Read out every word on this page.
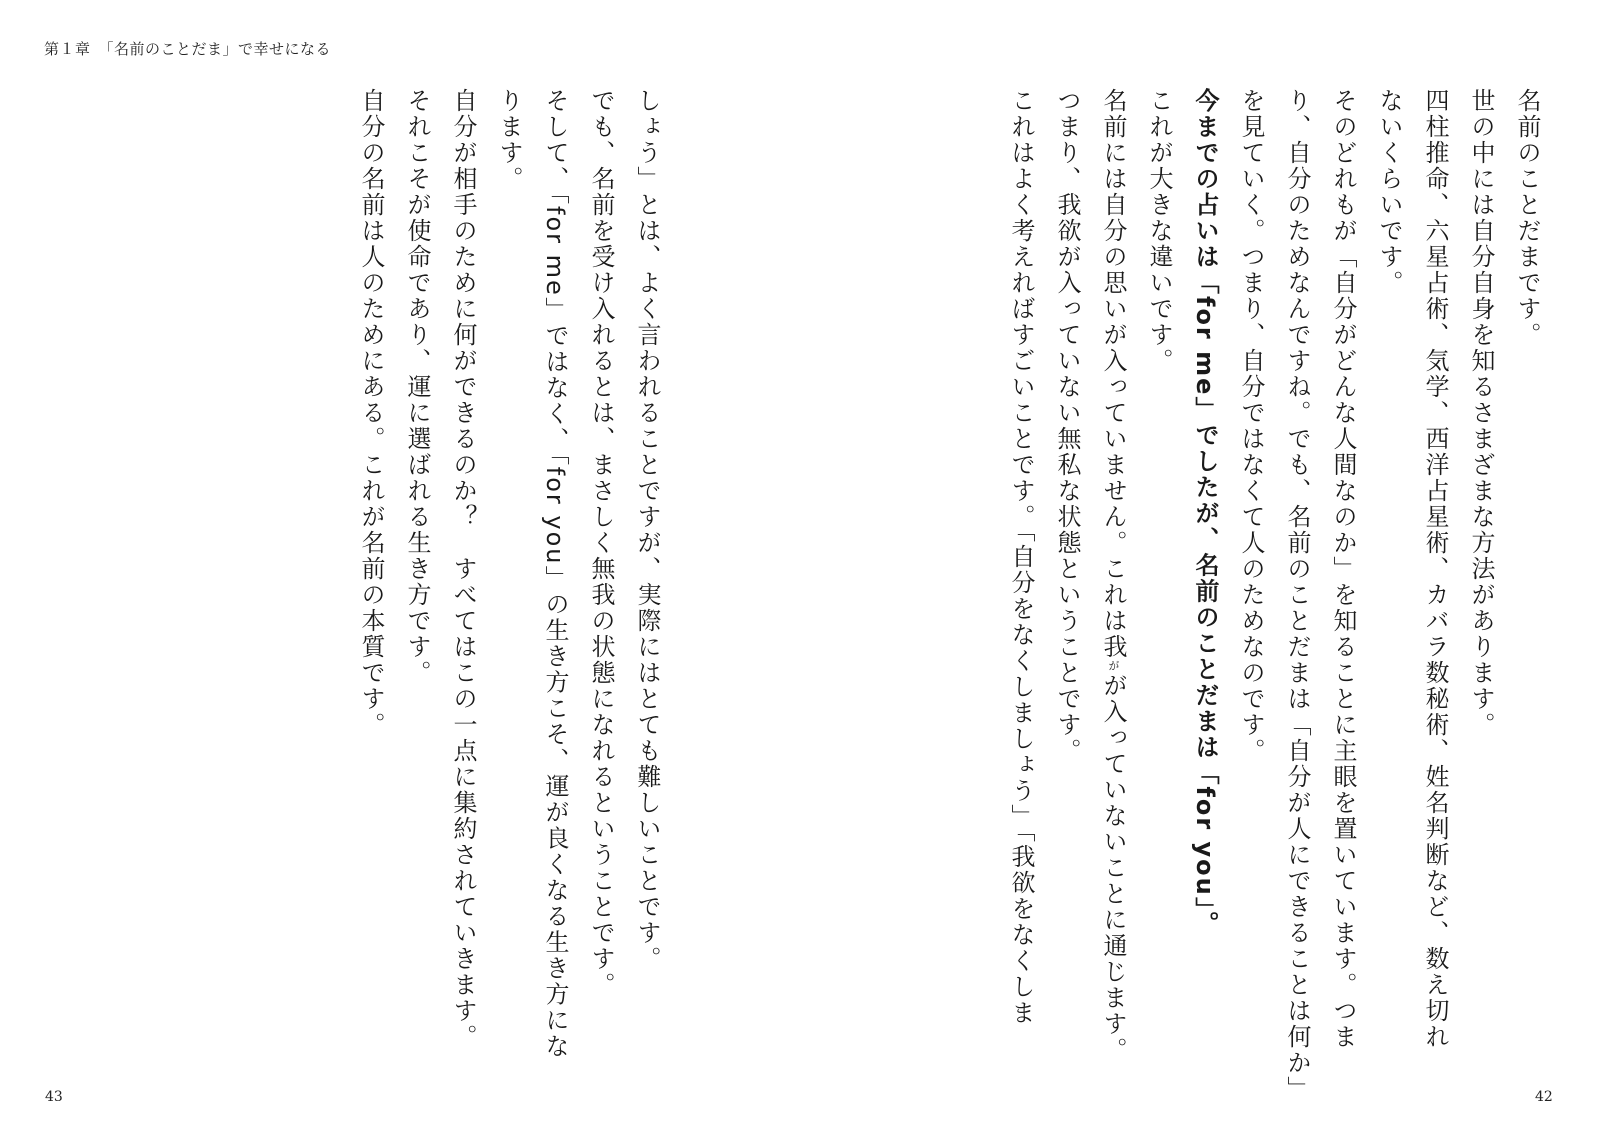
第１章　「名前のことだま」で幸せになる
名前のことだまです。
世の中には自分自身を知るさまざまな方法があります。
四柱推命、六星占術、気学、西洋占星術、カバラ数秘術、姓名判断など、数え切れ
ないくらいです。
そのどれもが「自分がどんな人間なのか」を知ることに主眼を置いています。つま
り、自分のためなんですね。でも、名前のことだまは「自分が人にできることは何か」
を見ていく。つまり、自分ではなくて人のためなのです。
今までの占いは「for me」でしたが、名前のことだまは「for you」。
これが大きな違いです。
名前には自分の思いが入っていません。これは我がが入っていないことに通じます。
つまり、我欲が入っていない無私な状態ということです。
これはよく考えればすごいことです。「自分をなくしましょう」「我欲をなくしま
しょう」とは、よく言われることですが、実際にはとても難しいことです。
でも、名前を受け入れるとは、まさしく無我の状態になれるということです。
そして、「for me」ではなく、「for you」の生き方こそ、運が良くなる生き方にな
ります。
自分が相手のために何ができるのか？　すべてはこの一点に集約されていきます。
それこそが使命であり、運に選ばれる生き方です。
自分の名前は人のためにある。これが名前の本質です。
43	42
